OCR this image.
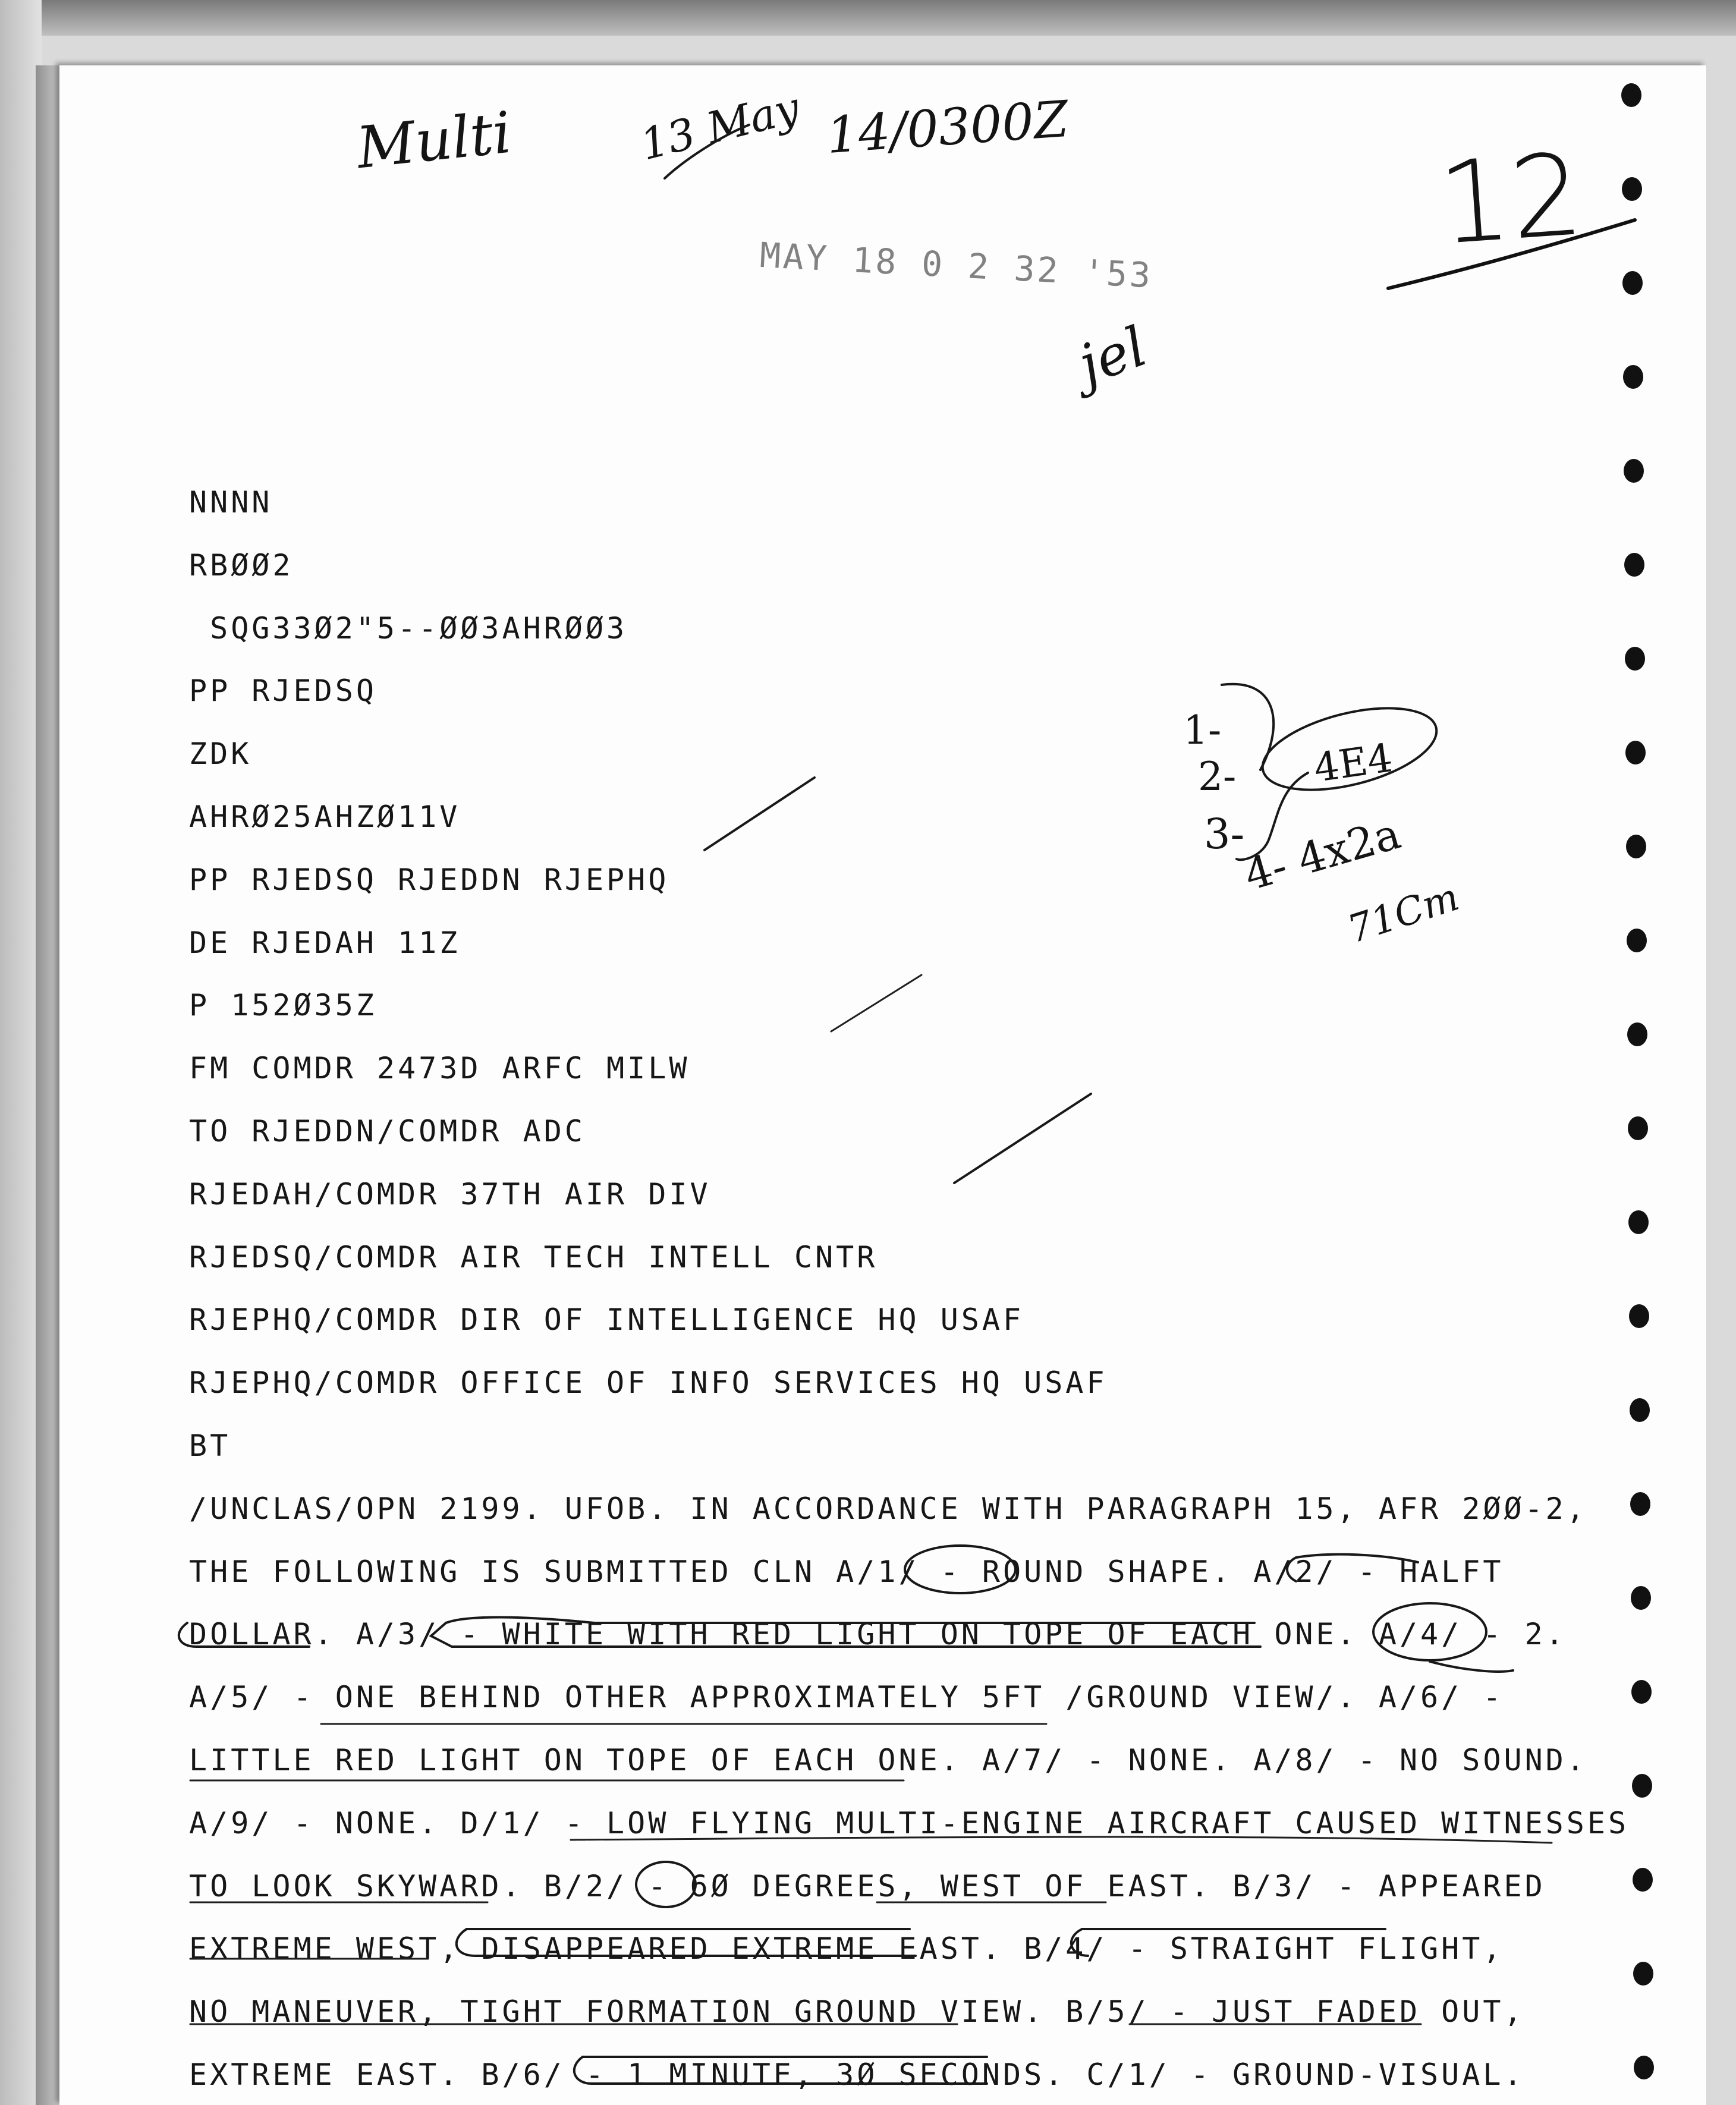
Multi	13 May 14/0300Z
12
jel
MAY 18 0 2 32 '53
1-
2-
3-
4- 4x2a
4E4
71Cm
NNNN
RBØØ2
SQG33Ø2"5--ØØ3AHRØØ3
PP RJEDSQ
ZDK
AHRØ25AHZØ11V
PP RJEDSQ RJEDDN RJEPHQ
DE RJEDAH 11Z
P 152Ø35Z
FM COMDR 2473D ARFC MILW
TO RJEDDN/COMDR ADC
RJEDAH/COMDR 37TH AIR DIV
RJEDSQ/COMDR AIR TECH INTELL CNTR
RJEPHQ/COMDR DIR OF INTELLIGENCE HQ USAF
RJEPHQ/COMDR OFFICE OF INFO SERVICES HQ USAF
BT
/UNCLAS/OPN 2199. UFOB. IN ACCORDANCE WITH PARAGRAPH 15, AFR 2ØØ-2,
THE FOLLOWING IS SUBMITTED CLN A/1/ - ROUND SHAPE. A/2/ - HALFT
DOLLAR. A/3/ - WHITE WITH RED LIGHT ON TOPE OF EACH ONE. A/4/ - 2.
A/5/ - ONE BEHIND OTHER APPROXIMATELY 5FT /GROUND VIEW/. A/6/ -
LITTLE RED LIGHT ON TOPE OF EACH ONE. A/7/ - NONE. A/8/ - NO SOUND.
A/9/ - NONE. D/1/ - LOW FLYING MULTI-ENGINE AIRCRAFT CAUSED WITNESSES
TO LOOK SKYWARD. B/2/ - 6Ø DEGREES, WEST OF EAST. B/3/ - APPEARED
EXTREME WEST, DISAPPEARED EXTREME EAST. B/4/ - STRAIGHT FLIGHT,
NO MANEUVER, TIGHT FORMATION GROUND VIEW. B/5/ - JUST FADED OUT,
EXTREME EAST. B/6/ - 1 MINUTE, 3Ø SECONDS. C/1/ - GROUND-VISUAL.
